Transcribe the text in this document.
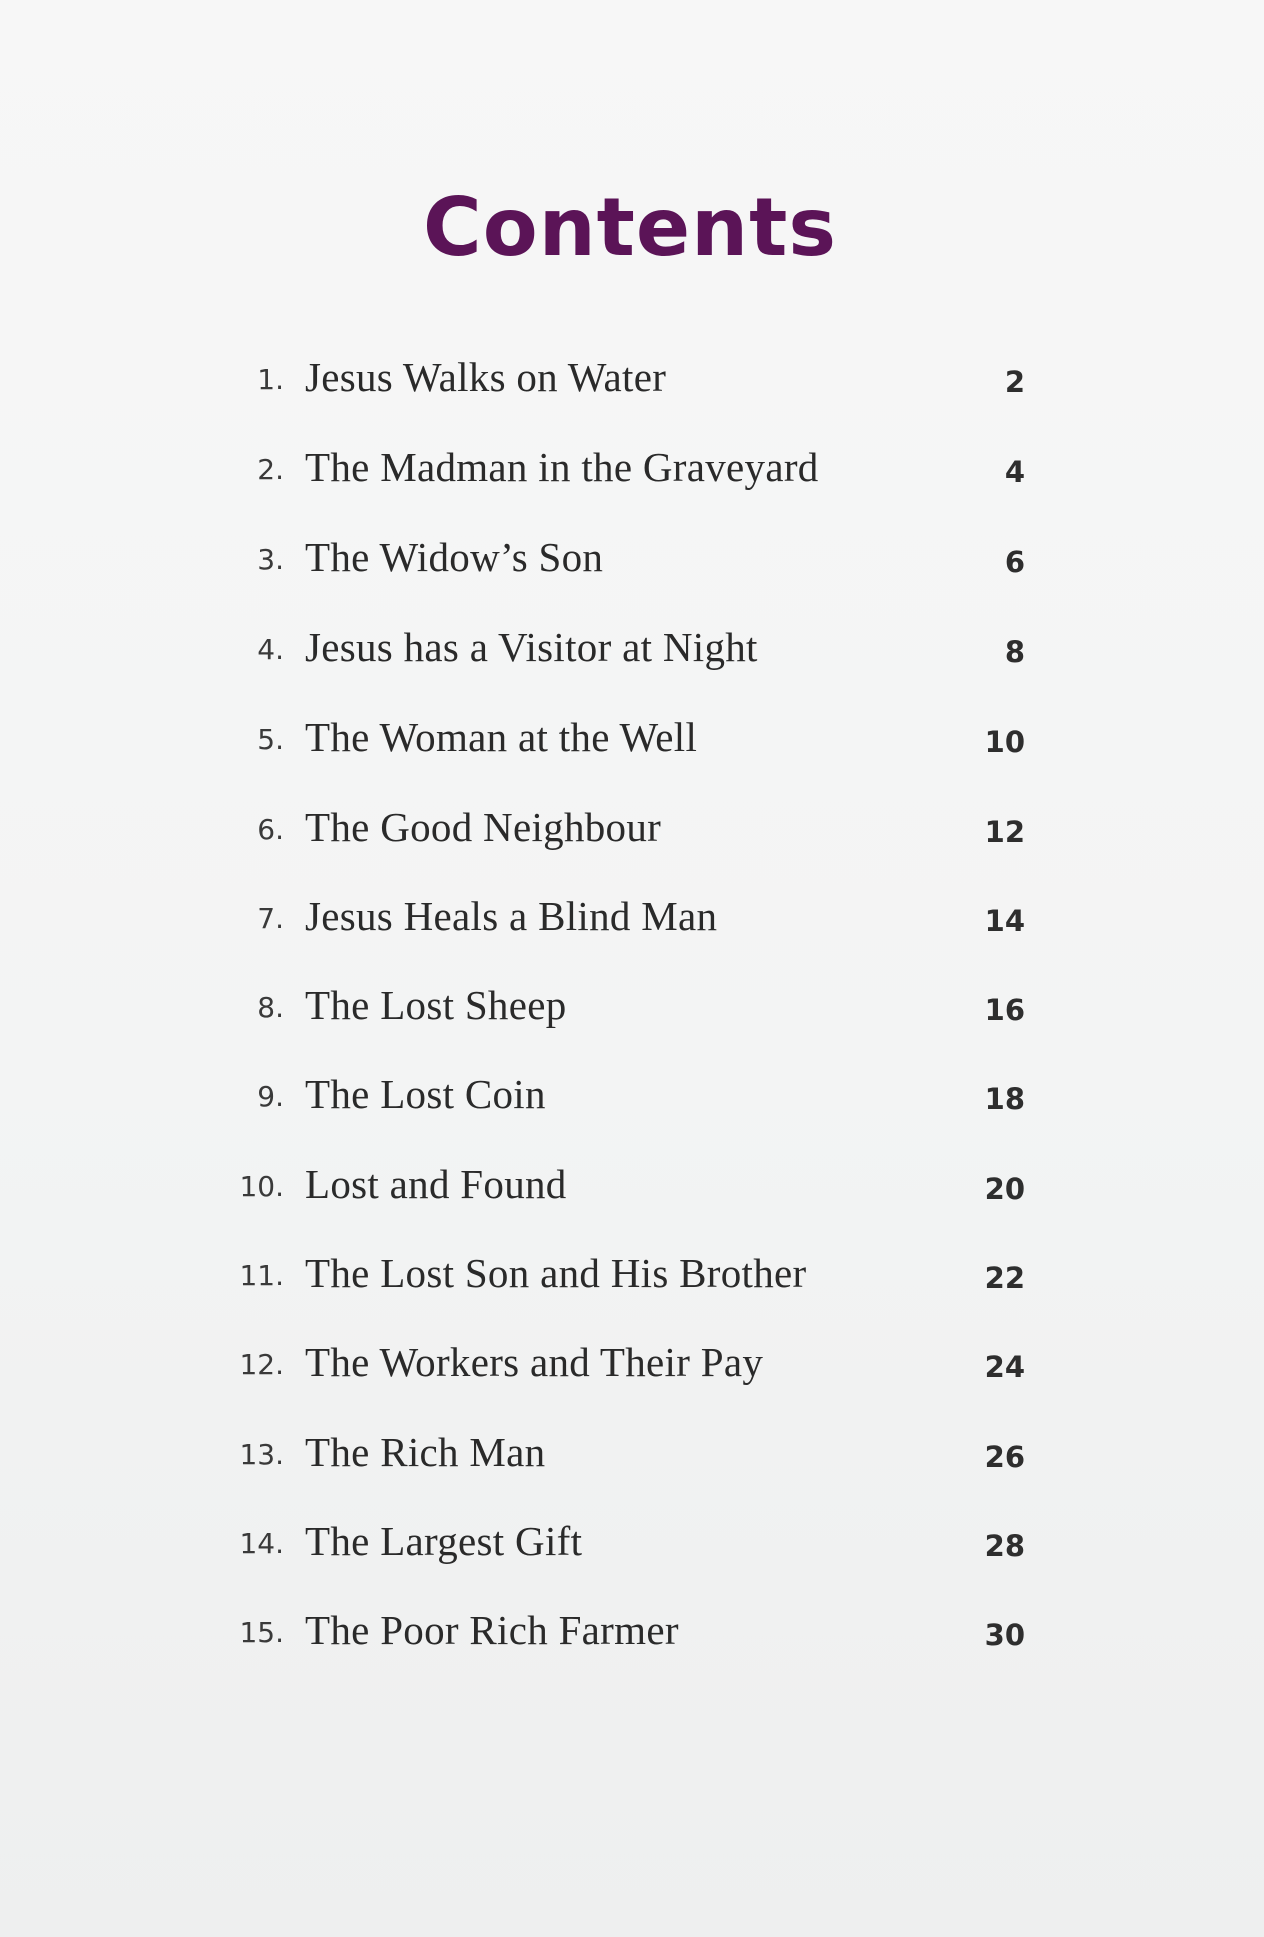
Contents
1. Jesus Walks on Water	2
2. The Madman in the Graveyard	4
3. The Widow’s Son	6
4. Jesus has a Visitor at Night	8
5. The Woman at the Well	10
6. The Good Neighbour	12
7. Jesus Heals a Blind Man	14
8. The Lost Sheep	16
9. The Lost Coin	18
10. Lost and Found	20
11. The Lost Son and His Brother	22
12. The Workers and Their Pay	24
13. The Rich Man	26
14. The Largest Gift	28
15. The Poor Rich Farmer	30
